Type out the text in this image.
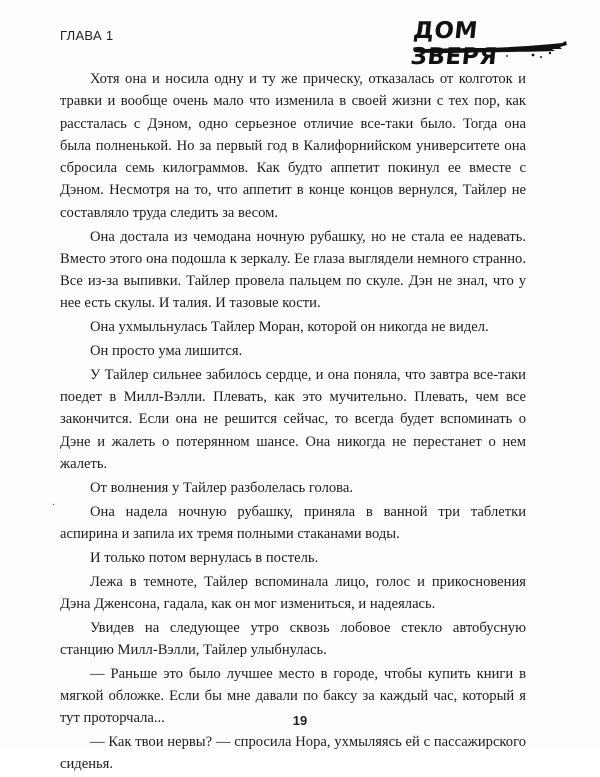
ГЛАВА 1	ДОМ ЗВЕРЯ

Хотя она и носила одну и ту же прическу, отказалась от колготок и травки и вообще очень мало что изменила в своей жизни с тех пор, как рассталась с Дэном, одно серьезное отличие все-таки было. Тогда она была полненькой. Но за первый год в Калифорнийском университете она сбросила семь килограммов. Как будто аппетит покинул ее вместе с Дэном. Несмотря на то, что аппетит в конце концов вернулся, Тайлер не составляло труда следить за весом.

Она достала из чемодана ночную рубашку, но не стала ее надевать. Вместо этого она подошла к зеркалу. Ее глаза выглядели немного странно. Все из-за выпивки. Тайлер провела пальцем по скуле. Дэн не знал, что у нее есть скулы. И талия. И тазовые кости.

Она ухмыльнулась Тайлер Моран, которой он никогда не видел.

Он просто ума лишится.

У Тайлер сильнее забилось сердце, и она поняла, что завтра все-таки поедет в Милл-Вэлли. Плевать, как это мучительно. Плевать, чем все закончится. Если она не решится сейчас, то всегда будет вспоминать о Дэне и жалеть о потерянном шансе. Она никогда не перестанет о нем жалеть.

От волнения у Тайлер разболелась голова.

Она надела ночную рубашку, приняла в ванной три таблетки аспирина и запила их тремя полными стаканами воды.

И только потом вернулась в постель.

Лежа в темноте, Тайлер вспоминала лицо, голос и прикосновения Дэна Дженсона, гадала, как он мог измениться, и надеялась.

Увидев на следующее утро сквозь лобовое стекло автобусную станцию Милл-Вэлли, Тайлер улыбнулась.

— Раньше это было лучшее место в городе, чтобы купить книги в мягкой обложке. Если бы мне давали по баксу за каждый час, который я тут проторчала...

— Как твои нервы? — спросила Нора, ухмыляясь ей с пассажирского сиденья.

·
19
